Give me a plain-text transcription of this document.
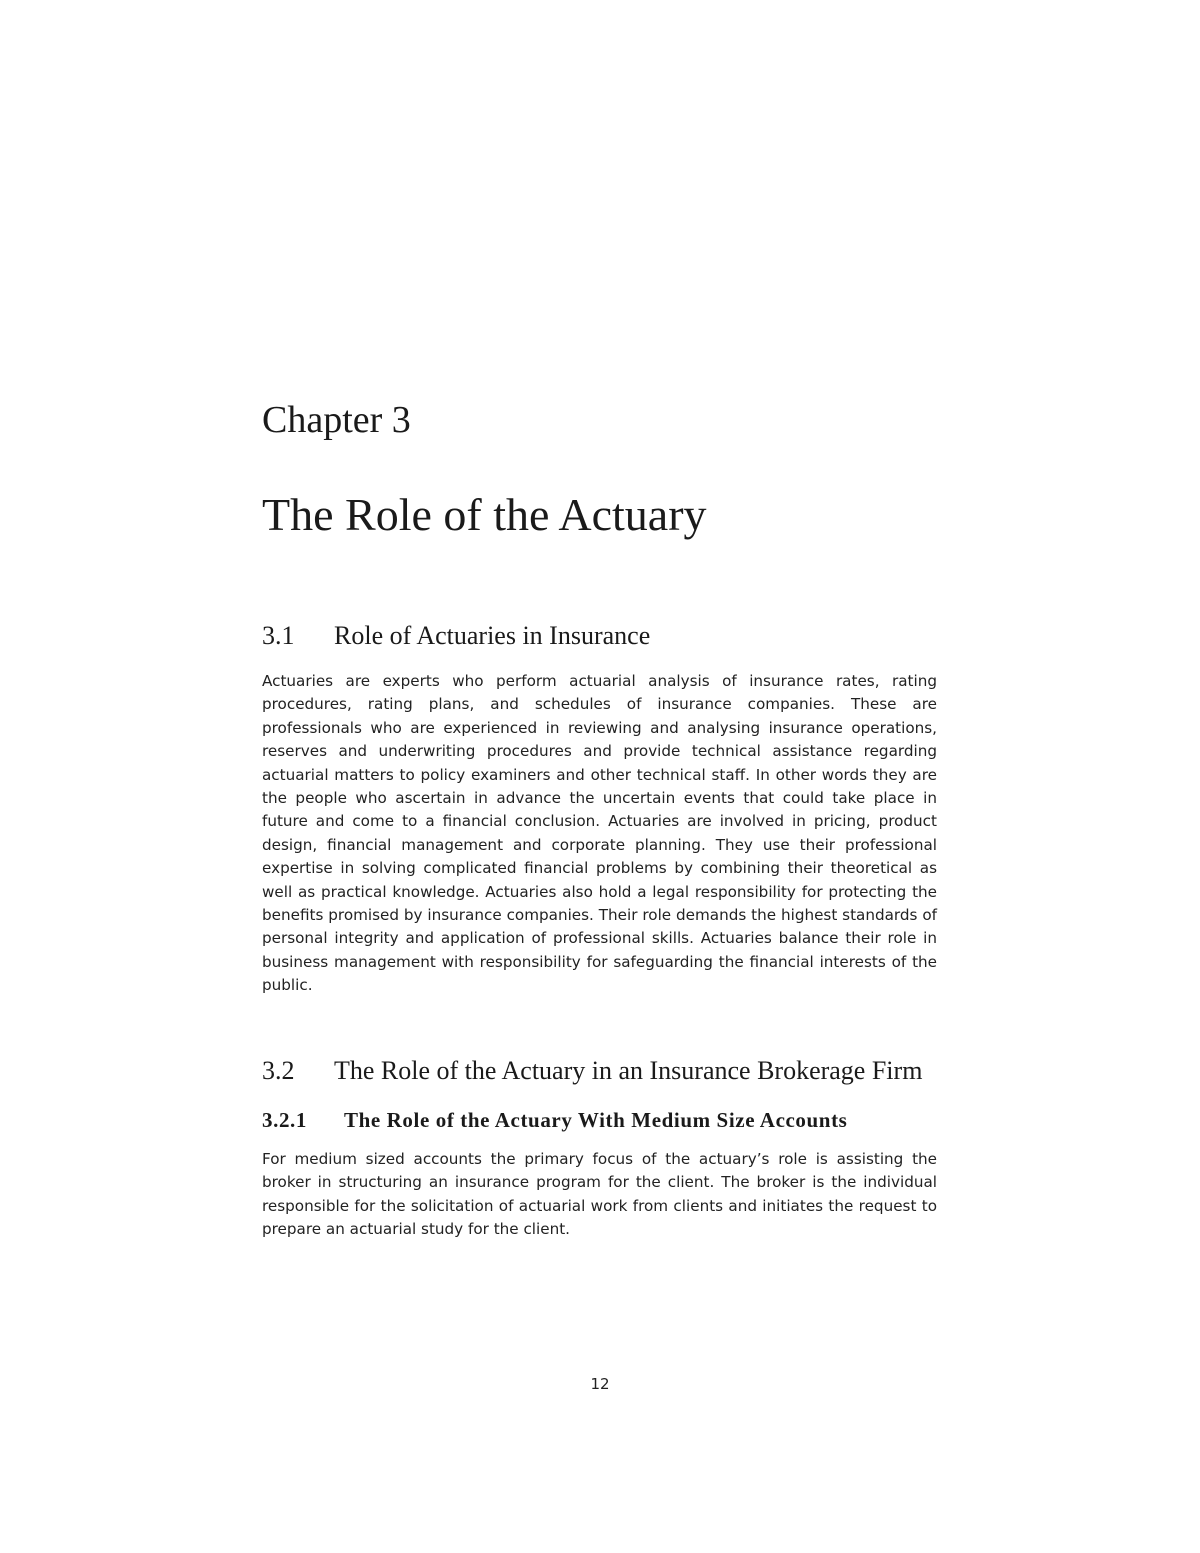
Chapter 3
The Role of the Actuary
3.1	Role of Actuaries in Insurance

Actuaries are experts who perform actuarial analysis of insurance rates, rating procedures, rating plans, and schedules of insurance companies. These are professionals who are experienced in reviewing and analysing insurance operations, reserves and underwriting procedures and provide technical assistance regarding actuarial matters to policy examiners and other technical staff. In other words they are the people who ascertain in advance the uncertain events that could take place in future and come to a financial conclusion. Actuaries are involved in pricing, product design, financial management and corporate planning. They use their professional expertise in solving complicated financial problems by combining their theoretical as well as practical knowledge. Actuaries also hold a legal responsibility for protecting the benefits promised by insurance companies. Their role demands the highest standards of personal integrity and application of professional skills. Actuaries balance their role in business management with responsibility for safeguarding the financial interests of the public.

3.2	The Role of the Actuary in an Insurance Brokerage Firm
3.2.1	The Role of the Actuary With Medium Size Accounts

For medium sized accounts the primary focus of the actuary’s role is assisting the broker in structuring an insurance program for the client. The broker is the individual responsible for the solicitation of actuarial work from clients and initiates the request to prepare an actuarial study for the client.

12
